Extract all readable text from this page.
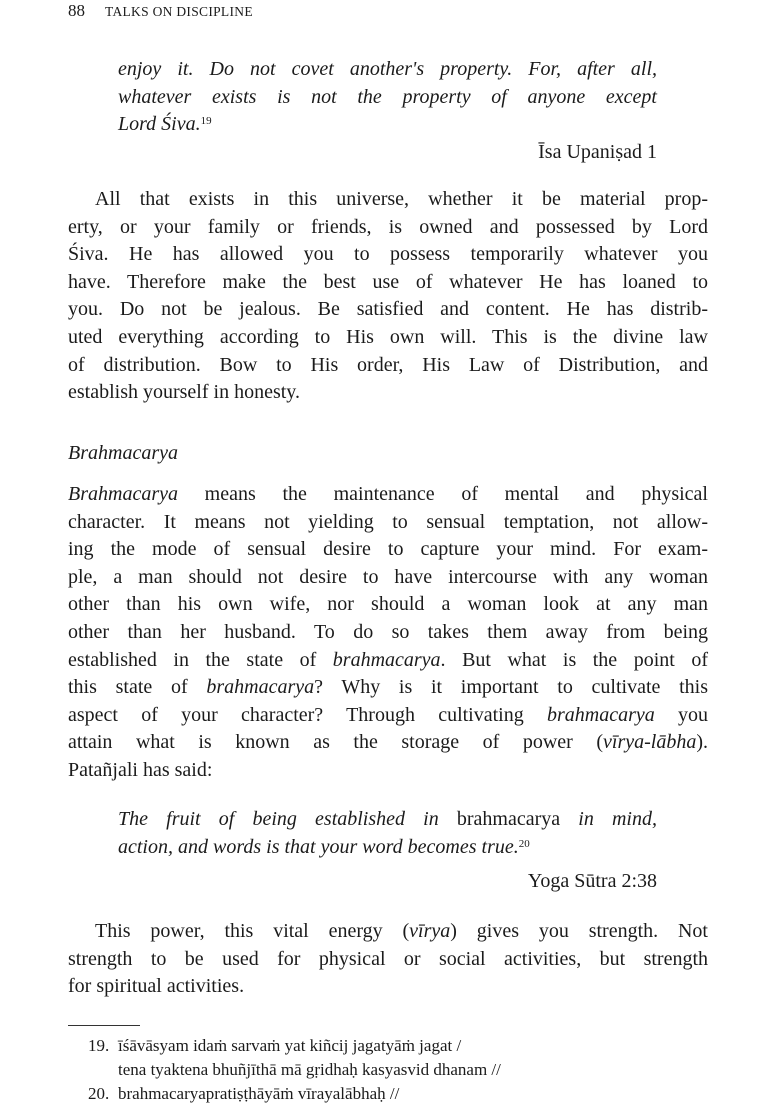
88 TALKS ON DISCIPLINE
enjoy it. Do not covet another's property. For, after all,
whatever exists is not the property of anyone except
Lord Śiva.$^{19}$
Īsa Upaniṣad 1
All that exists in this universe, whether it be material prop-
erty, or your family or friends, is owned and possessed by Lord
Śiva. He has allowed you to possess temporarily whatever you
have. Therefore make the best use of whatever He has loaned to
you. Do not be jealous. Be satisfied and content. He has distrib-
uted everything according to His own will. This is the divine law
of distribution. Bow to His order, His Law of Distribution, and
establish yourself in honesty.
Brahmacarya
Brahmacarya means the maintenance of mental and physical
character. It means not yielding to sensual temptation, not allow-
ing the mode of sensual desire to capture your mind. For exam-
ple, a man should not desire to have intercourse with any woman
other than his own wife, nor should a woman look at any man
other than her husband. To do so takes them away from being
established in the state of brahmacarya. But what is the point of
this state of brahmacarya? Why is it important to cultivate this
aspect of your character? Through cultivating brahmacarya you
attain what is known as the storage of power (vīrya-lābha).
Patañjali has said:
The fruit of being established in brahmacarya in mind,
action, and words is that your word becomes true.$^{20}$
Yoga Sūtra 2:38
This power, this vital energy (vīrya) gives you strength. Not
strength to be used for physical or social activities, but strength
for spiritual activities.
19. īśāvāsyam idaṁ sarvaṁ yat kiñcij jagatyāṁ jagat /
tena tyaktena bhuñjīthā mā gṛidhaḥ kasyasvid dhanam //
20. brahmacaryapratiṣṭhāyāṁ vīrayalābhaḥ //
